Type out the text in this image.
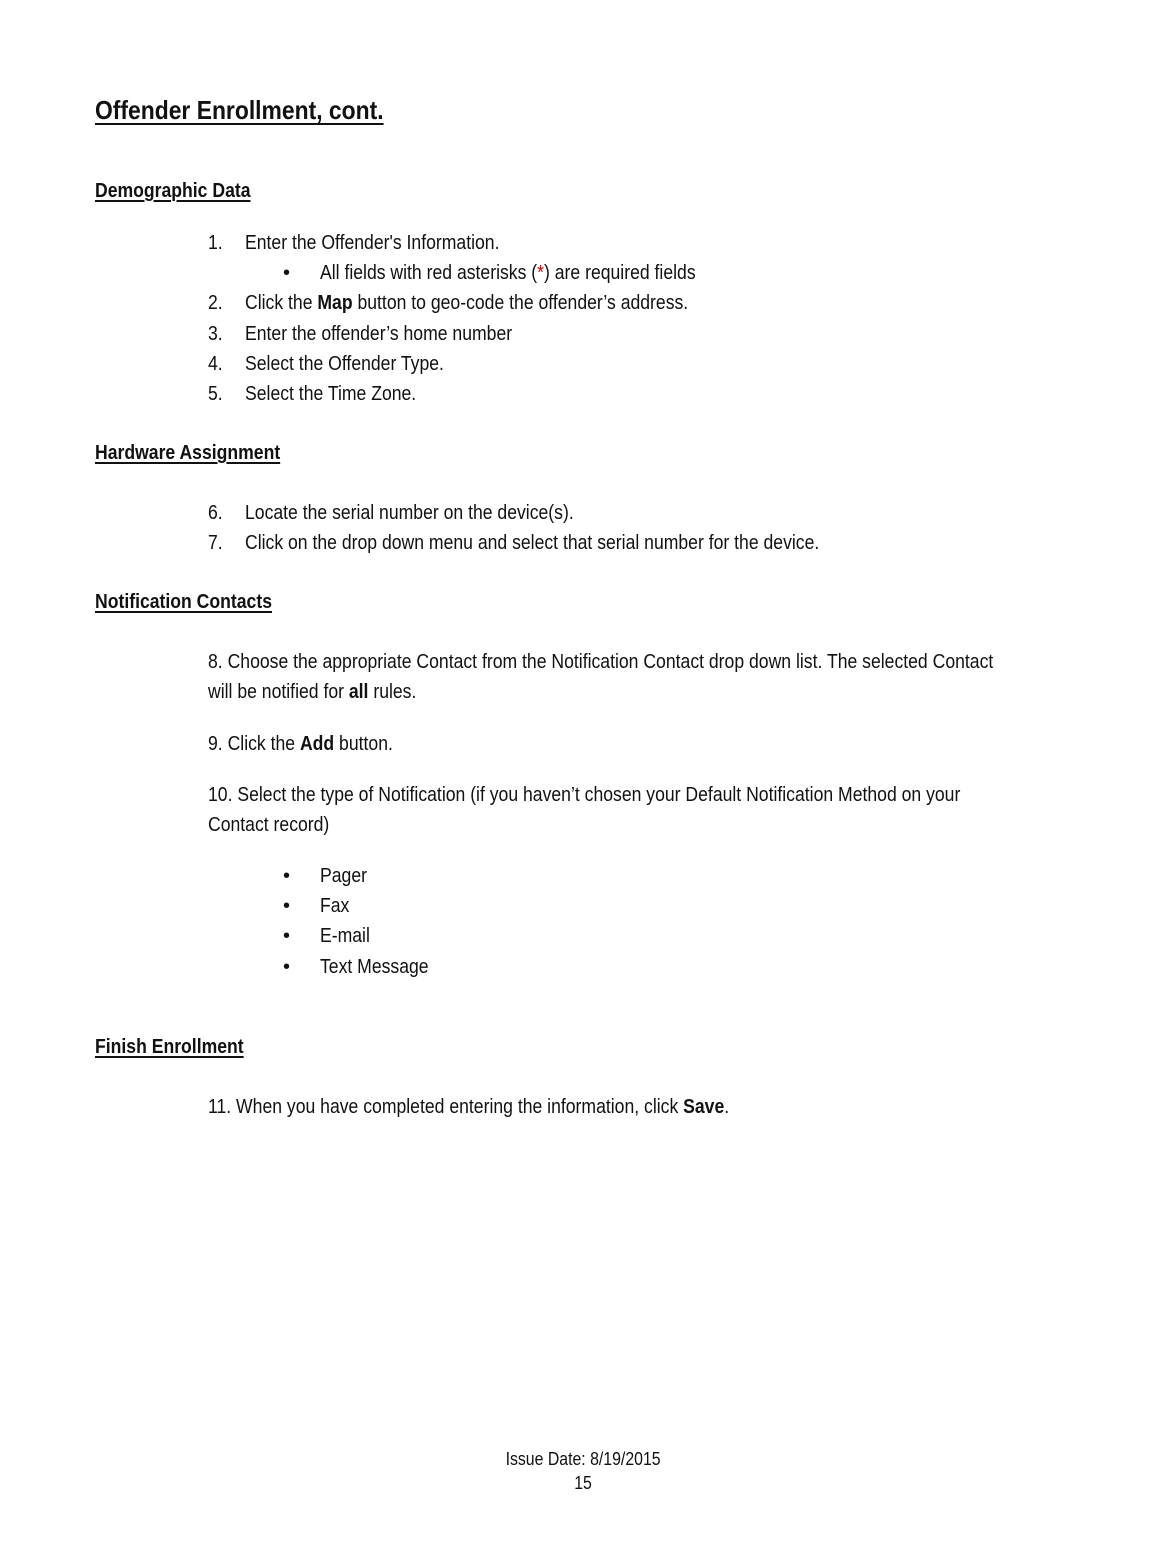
Offender Enrollment, cont.
Demographic Data
1. Enter the Offender's Information.
• All fields with red asterisks (*) are required fields
2. Click the Map button to geo-code the offender’s address.
3. Enter the offender’s home number
4. Select the Offender Type.
5. Select the Time Zone.
Hardware Assignment
6. Locate the serial number on the device(s).
7. Click on the drop down menu and select that serial number for the device.
Notification Contacts
8. Choose the appropriate Contact from the Notification Contact drop down list. The selected Contact
will be notified for all rules.
9. Click the Add button.
10. Select the type of Notification (if you haven’t chosen your Default Notification Method on your
Contact record)
• Pager
• Fax
• E-mail
• Text Message
Finish Enrollment
11. When you have completed entering the information, click Save.
Issue Date: 8/19/2015
15
